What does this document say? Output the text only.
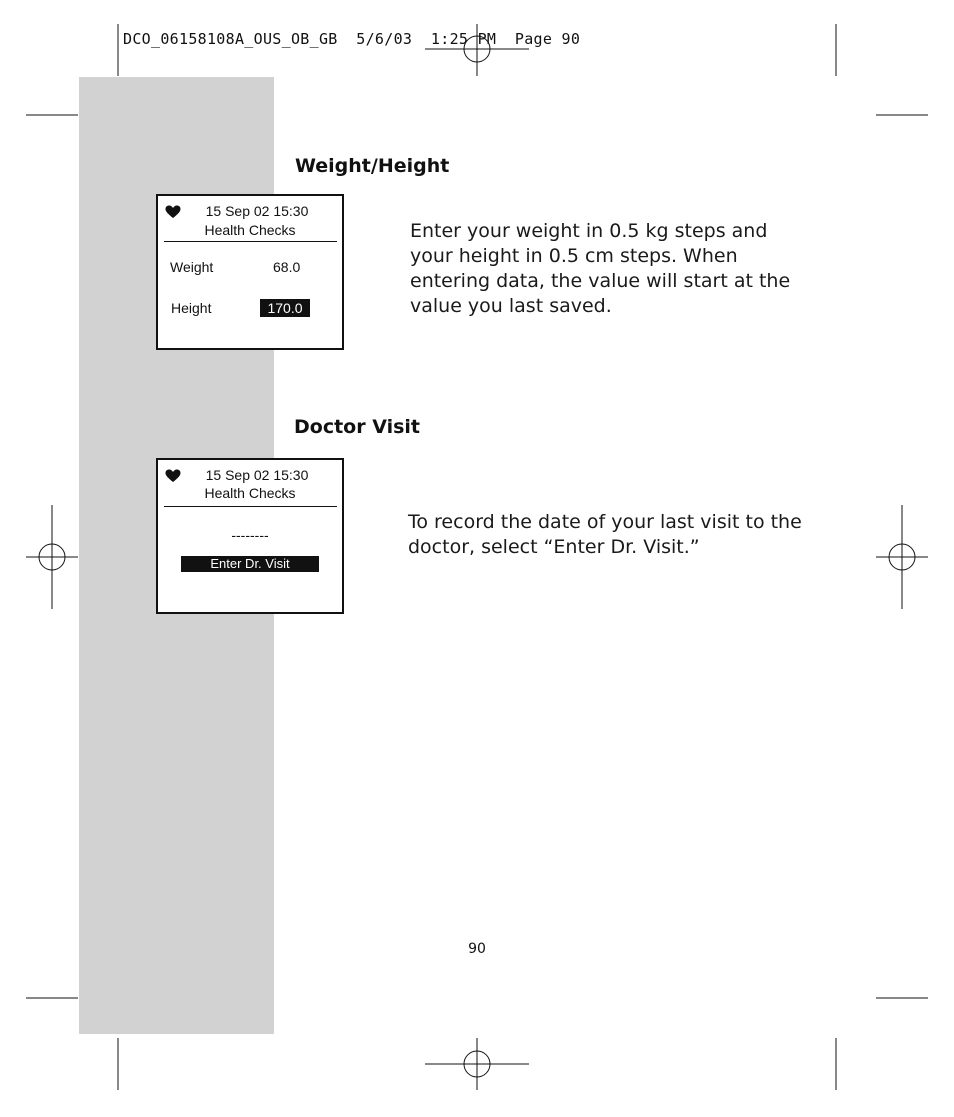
DCO_06158108A_OUS_OB_GB  5/6/03  1:25 PM  Page 90
Weight/Height
15 Sep 02 15:30
Health Checks
Weight	68.0
Height	170.0
Enter your weight in 0.5 kg steps and your height in 0.5 cm steps. When entering data, the value will start at the value you last saved.
Doctor Visit
15 Sep 02 15:30
Health Checks
--------
Enter Dr. Visit
To record the date of your last visit to the doctor, select “Enter Dr. Visit.”
90
